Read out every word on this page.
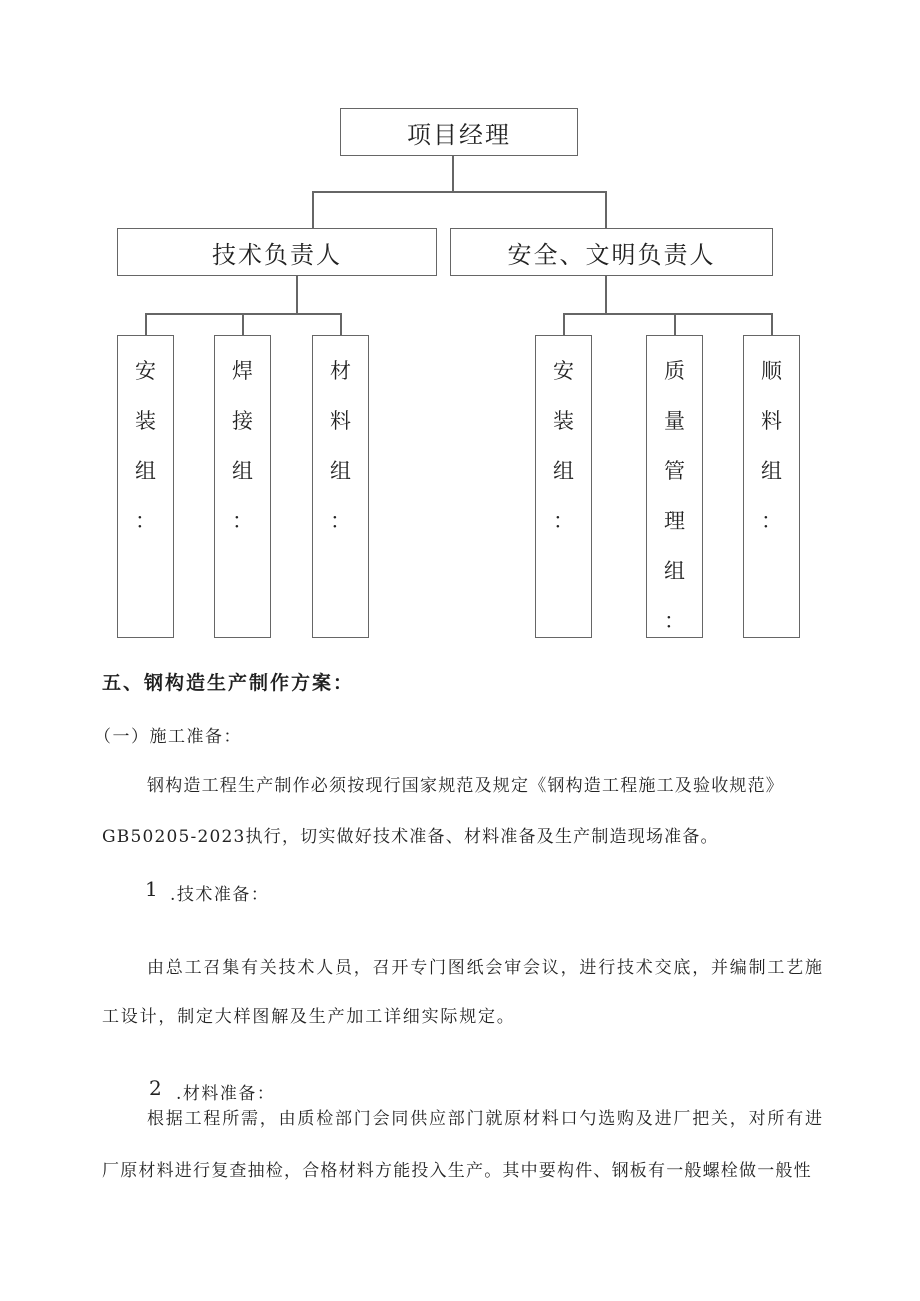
项目经理
技术负责人	安全、文明负责人
安
装
组
：
焊
接
组
：
材
料
组
：
安
装
组
：
质
量
管
理
组
：
顺
料
组
：
五、钢构造生产制作方案：
（一）施工准备：
钢构造工程生产制作必须按现行国家规范及规定《钢构造工程施工及验收规范》
GB50205-2023执行，切实做好技术准备、材料准备及生产制造现场准备。
1 .技术准备：
由总工召集有关技术人员，召开专门图纸会审会议，进行技术交底，并编制工艺施
工设计，制定大样图解及生产加工详细实际规定。
2 .材料准备：
根据工程所需，由质检部门会同供应部门就原材料口勺选购及进厂把关，对所有进
厂原材料进行复查抽检，合格材料方能投入生产。其中要构件、钢板有一般螺栓做一般性
